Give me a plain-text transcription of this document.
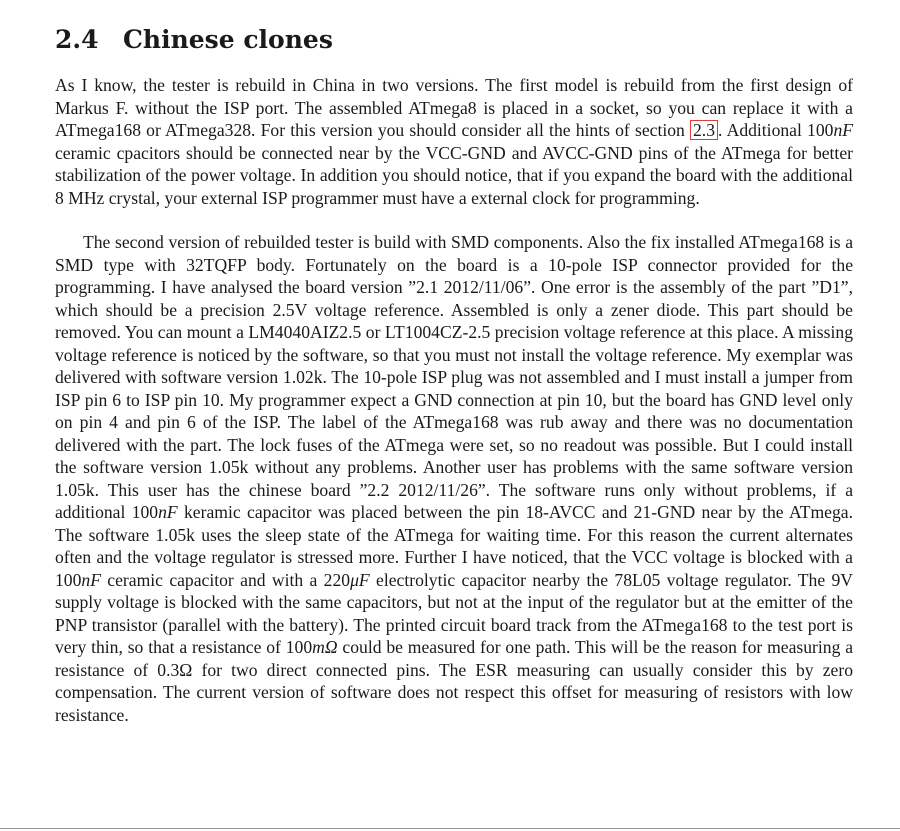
2.4 Chinese clones

As I know, the tester is rebuild in China in two versions. The first model is rebuild from the first design of Markus F. without the ISP port. The assembled ATmega8 is placed in a socket, so you can replace it with a ATmega168 or ATmega328. For this version you should consider all the hints of section 2.3 . Additional 100nF ceramic cpacitors should be connected near by the VCC-GND and AVCC-GND pins of the ATmega for better stabilization of the power voltage. In addition you should notice, that if you expand the board with the additional 8 MHz crystal, your external ISP programmer must have a external clock for programming.

The second version of rebuilded tester is build with SMD components. Also the fix installed ATmega168 is a SMD type with 32TQFP body. Fortunately on the board is a 10-pole ISP connector provided for the programming. I have analysed the board version ”2.1 2012/11/06”. One error is the assembly of the part ”D1”, which should be a precision 2.5V voltage reference. Assembled is only a zener diode. This part should be removed. You can mount a LM4040AIZ2.5 or LT1004CZ-2.5 precision voltage reference at this place. A missing voltage reference is noticed by the software, so that you must not install the voltage reference. My exemplar was delivered with software version 1.02k. The 10-pole ISP plug was not assembled and I must install a jumper from ISP pin 6 to ISP pin 10. My programmer expect a GND connection at pin 10, but the board has GND level only on pin 4 and pin 6 of the ISP. The label of the ATmega168 was rub away and there was no documentation delivered with the part. The lock fuses of the ATmega were set, so no readout was possible. But I could install the software version 1.05k without any problems. Another user has problems with the same software version 1.05k. This user has the chinese board ”2.2 2012/11/26”. The software runs only without problems, if a additional 100nF keramic capacitor was placed between the pin 18-AVCC and 21-GND near by the ATmega. The software 1.05k uses the sleep state of the ATmega for waiting time. For this reason the current alternates often and the voltage regulator is stressed more. Further I have noticed, that the VCC voltage is blocked with a 100nF ceramic capacitor and with a 220μF electrolytic capacitor nearby the 78L05 voltage regulator. The 9V supply voltage is blocked with the same capacitors, but not at the input of the regulator but at the emitter of the PNP transistor (parallel with the battery). The printed circuit board track from the ATmega168 to the test port is very thin, so that a resistance of 100mΩ could be measured for one path. This will be the reason for measuring a resistance of 0.3Ω for two direct connected pins. The ESR measuring can usually consider this by zero compensation. The current version of software does not respect this offset for measuring of resistors with low resistance.
